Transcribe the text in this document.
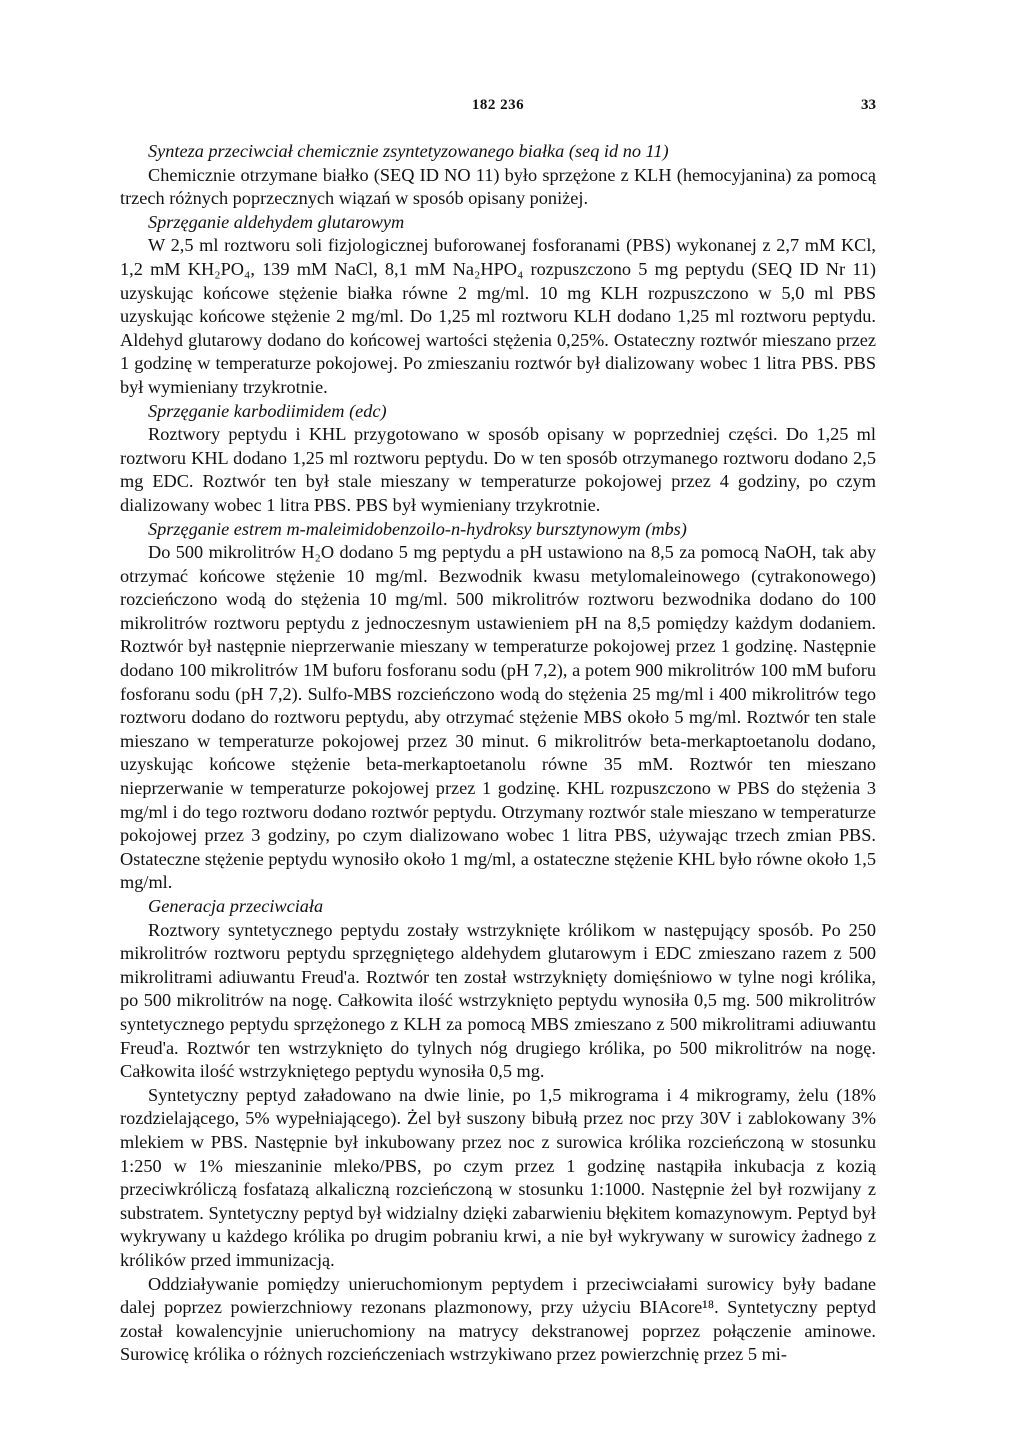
182 236	33

Synteza przeciwciał chemicznie zsyntetyzowanego białka (seq id no 11)

Chemicznie otrzymane białko (SEQ ID NO 11) było sprzężone z KLH (hemocyjanina) za pomocą trzech różnych poprzecznych wiązań w sposób opisany poniżej.

Sprzęganie aldehydem glutarowym

W 2,5 ml roztworu soli fizjologicznej buforowanej fosforanami (PBS) wykonanej z 2,7 mM KCl, 1,2 mM KH₂PO₄, 139 mM NaCl, 8,1 mM Na₂HPO₄ rozpuszczono 5 mg peptydu (SEQ ID Nr 11) uzyskując końcowe stężenie białka równe 2 mg/ml. 10 mg KLH rozpuszczono w 5,0 ml PBS uzyskując końcowe stężenie 2 mg/ml. Do 1,25 ml roztworu KLH dodano 1,25 ml roztworu peptydu. Aldehyd glutarowy dodano do końcowej wartości stężenia 0,25%. Ostateczny roztwór mieszano przez 1 godzinę w temperaturze pokojowej. Po zmieszaniu roztwór był dializowany wobec 1 litra PBS. PBS był wymieniany trzykrotnie.

Sprzęganie karbodiimidem (edc)

Roztwory peptydu i KHL przygotowano w sposób opisany w poprzedniej części. Do 1,25 ml roztworu KHL dodano 1,25 ml roztworu peptydu. Do w ten sposób otrzymanego roztworu dodano 2,5 mg EDC. Roztwór ten był stale mieszany w temperaturze pokojowej przez 4 godziny, po czym dializowany wobec 1 litra PBS. PBS był wymieniany trzykrotnie.

Sprzęganie estrem m-maleimidobenzoilo-n-hydroksy bursztynowym (mbs)

Do 500 mikrolitrów H₂O dodano 5 mg peptydu a pH ustawiono na 8,5 za pomocą NaOH, tak aby otrzymać końcowe stężenie 10 mg/ml. Bezwodnik kwasu metylomaleinowego (cytrakonowego) rozcieńczono wodą do stężenia 10 mg/ml. 500 mikrolitrów roztworu bezwodnika dodano do 100 mikrolitrów roztworu peptydu z jednoczesnym ustawieniem pH na 8,5 pomiędzy każdym dodaniem. Roztwór był następnie nieprzerwanie mieszany w temperaturze pokojowej przez 1 godzinę. Następnie dodano 100 mikrolitrów 1M buforu fosforanu sodu (pH 7,2), a potem 900 mikrolitrów 100 mM buforu fosforanu sodu (pH 7,2). Sulfo-MBS rozcieńczono wodą do stężenia 25 mg/ml i 400 mikrolitrów tego roztworu dodano do roztworu peptydu, aby otrzymać stężenie MBS około 5 mg/ml. Roztwór ten stale mieszano w temperaturze pokojowej przez 30 minut. 6 mikrolitrów beta-merkaptoetanolu dodano, uzyskując końcowe stężenie beta-merkaptoetanolu równe 35 mM. Roztwór ten mieszano nieprzerwanie w temperaturze pokojowej przez 1 godzinę. KHL rozpuszczono w PBS do stężenia 3 mg/ml i do tego roztworu dodano roztwór peptydu. Otrzymany roztwór stale mieszano w temperaturze pokojowej przez 3 godziny, po czym dializowano wobec 1 litra PBS, używając trzech zmian PBS. Ostateczne stężenie peptydu wynosiło około 1 mg/ml, a ostateczne stężenie KHL było równe około 1,5 mg/ml.

Generacja przeciwciała

Roztwory syntetycznego peptydu zostały wstrzyknięte królikom w następujący sposób. Po 250 mikrolitrów roztworu peptydu sprzęgniętego aldehydem glutarowym i EDC zmieszano razem z 500 mikrolitrami adiuwantu Freud'a. Roztwór ten został wstrzyknięty domięśniowo w tylne nogi królika, po 500 mikrolitrów na nogę. Całkowita ilość wstrzyknięto peptydu wynosiła 0,5 mg. 500 mikrolitrów syntetycznego peptydu sprzężonego z KLH za pomocą MBS zmieszano z 500 mikrolitrami adiuwantu Freud'a. Roztwór ten wstrzyknięto do tylnych nóg drugiego królika, po 500 mikrolitrów na nogę. Całkowita ilość wstrzykniętego peptydu wynosiła 0,5 mg.

Syntetyczny peptyd załadowano na dwie linie, po 1,5 mikrograma i 4 mikrogramy, żelu (18% rozdzielającego, 5% wypełniającego). Żel był suszony bibułą przez noc przy 30V i zablokowany 3% mlekiem w PBS. Następnie był inkubowany przez noc z surowica królika rozcieńczoną w stosunku 1:250 w 1% mieszaninie mleko/PBS, po czym przez 1 godzinę nastąpiła inkubacja z kozią przeciwkróliczą fosfatazą alkaliczną rozcieńczoną w stosunku 1:1000. Następnie żel był rozwijany z substratem. Syntetyczny peptyd był widzialny dzięki zabarwieniu błękitem komazynowym. Peptyd był wykrywany u każdego królika po drugim pobraniu krwi, a nie był wykrywany w surowicy żadnego z królików przed immunizacją.

Oddziaływanie pomiędzy unieruchomionym peptydem i przeciwciałami surowicy były badane dalej poprzez powierzchniowy rezonans plazmonowy, przy użyciu BIAcore¹⁸. Syntetyczny peptyd został kowalencyjnie unieruchomiony na matrycy dekstranowej poprzez połączenie aminowe. Surowicę królika o różnych rozcieńczeniach wstrzykiwano przez powierzchnię przez 5 mi-
